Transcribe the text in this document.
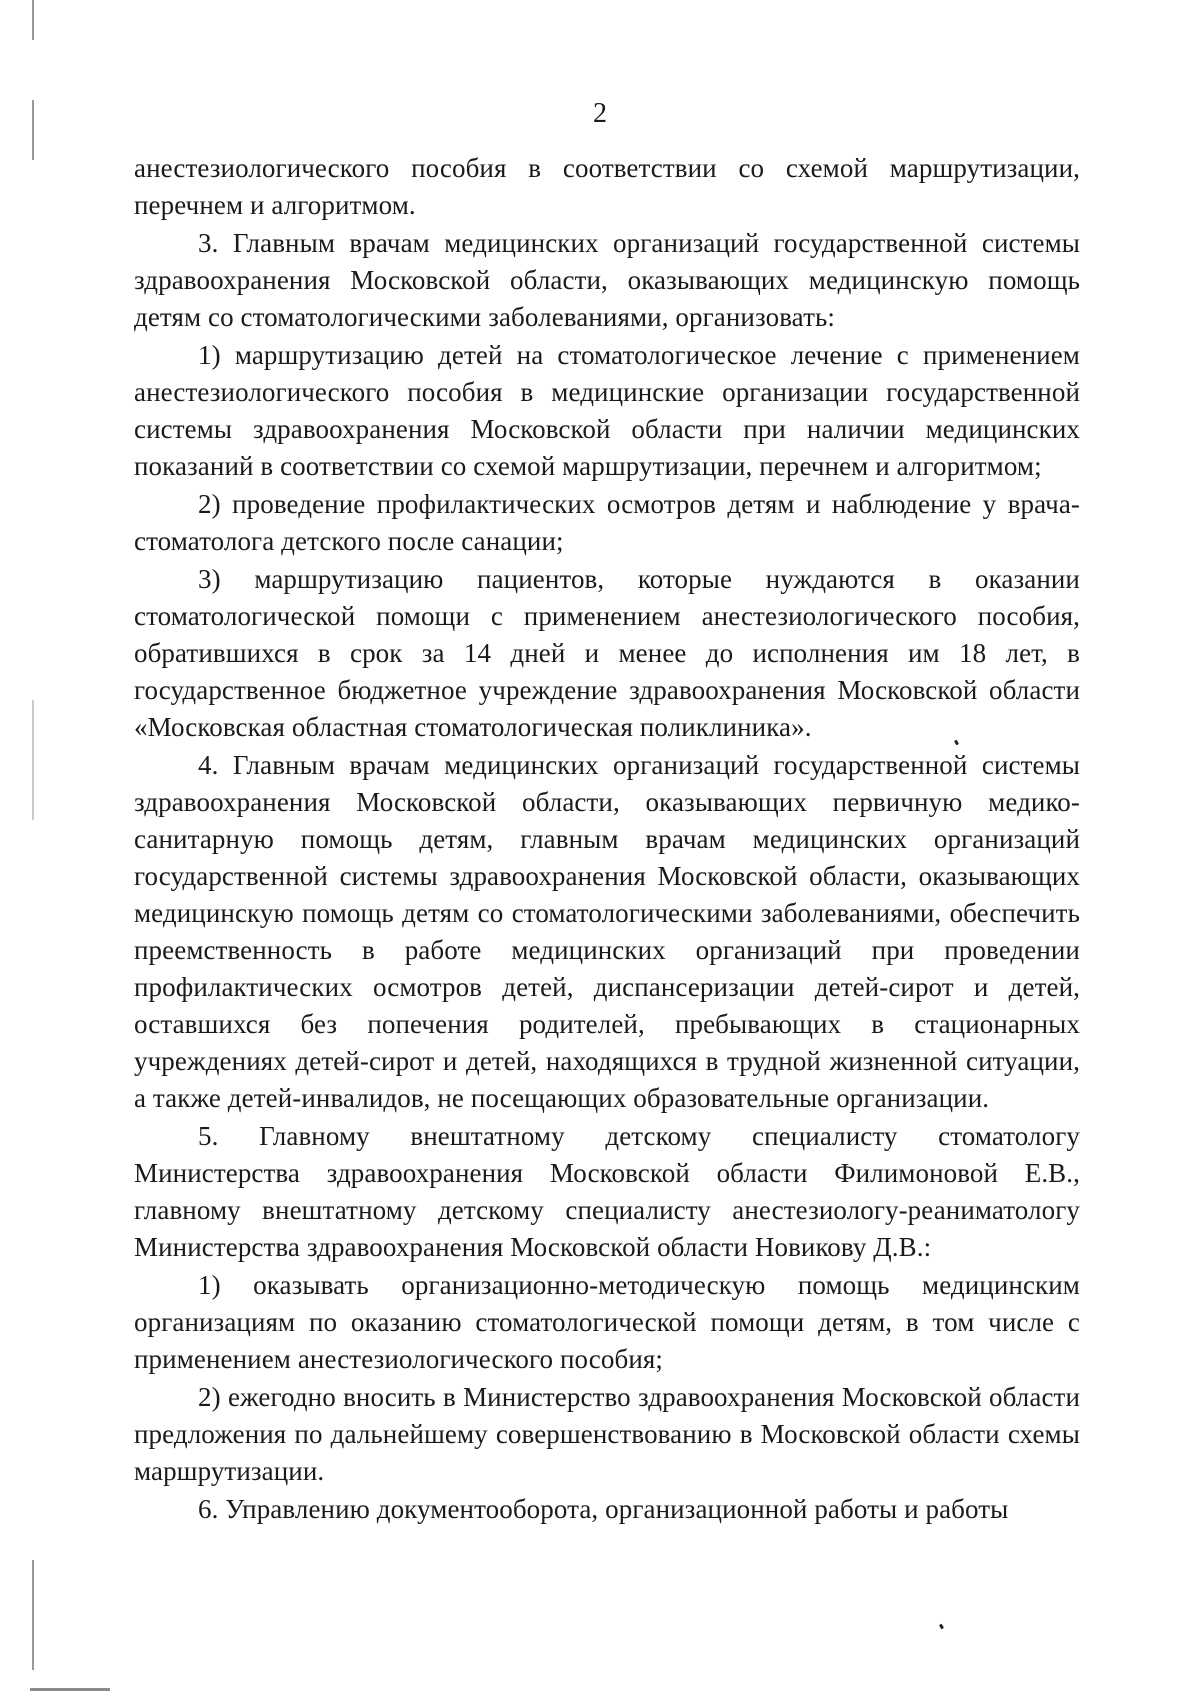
2

анестезиологического пособия в соответствии со схемой маршрутизации, перечнем и алгоритмом.

3. Главным врачам медицинских организаций государственной системы здравоохранения Московской области, оказывающих медицинскую помощь детям со стоматологическими заболеваниями, организовать:

1) маршрутизацию детей на стоматологическое лечение с применением анестезиологического пособия в медицинские организации государственной системы здравоохранения Московской области при наличии медицинских показаний в соответствии со схемой маршрутизации, перечнем и алгоритмом;

2) проведение профилактических осмотров детям и наблюдение у врача-стоматолога детского после санации;

3) маршрутизацию пациентов, которые нуждаются в оказании стоматологической помощи с применением анестезиологического пособия, обратившихся в срок за 14 дней и менее до исполнения им 18 лет, в государственное бюджетное учреждение здравоохранения Московской области «Московская областная стоматологическая поликлиника».

4. Главным врачам медицинских организаций государственной системы здравоохранения Московской области, оказывающих первичную медико-санитарную помощь детям, главным врачам медицинских организаций государственной системы здравоохранения Московской области, оказывающих медицинскую помощь детям со стоматологическими заболеваниями, обеспечить преемственность в работе медицинских организаций при проведении профилактических осмотров детей, диспансеризации детей-сирот и детей, оставшихся без попечения родителей, пребывающих в стационарных учреждениях детей-сирот и детей, находящихся в трудной жизненной ситуации, а также детей-инвалидов, не посещающих образовательные организации.

5. Главному внештатному детскому специалисту стоматологу Министерства здравоохранения Московской области Филимоновой Е.В., главному внештатному детскому специалисту анестезиологу-реаниматологу Министерства здравоохранения Московской области Новикову Д.В.:

1) оказывать организационно-методическую помощь медицинским организациям по оказанию стоматологической помощи детям, в том числе с применением анестезиологического пособия;

2) ежегодно вносить в Министерство здравоохранения Московской области предложения по дальнейшему совершенствованию в Московской области схемы маршрутизации.

6. Управлению документооборота, организационной работы и работы
